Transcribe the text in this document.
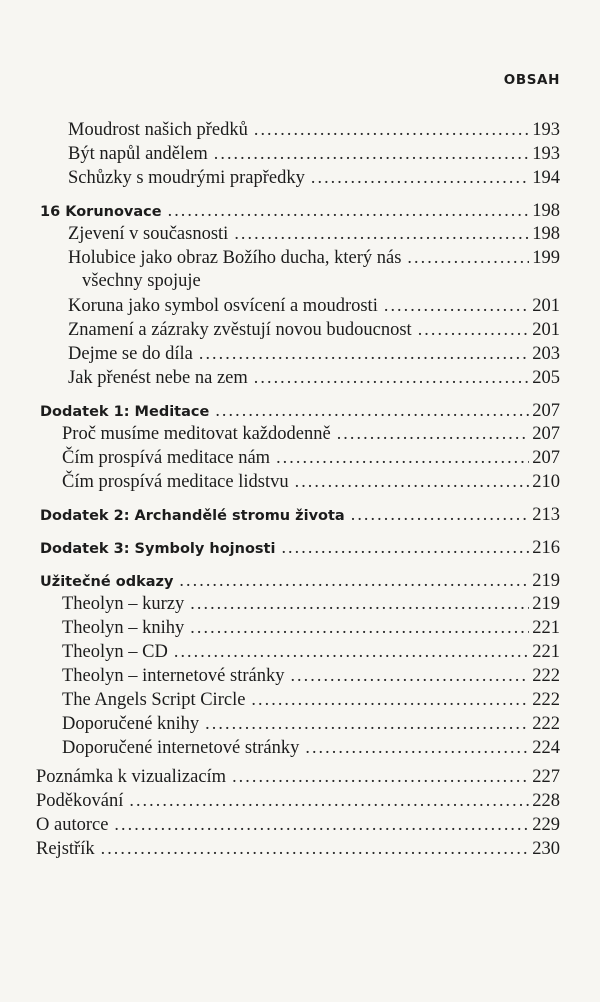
OBSAH
Moudrost našich předků . . .	193
Být napůl andělem . . .	193
Schůzky s moudrými prapředky . . .	194
16 Korunovace . . .	198
Zjevení v současnosti . . .	198
Holubice jako obraz Božího ducha, který nás . . .	199
všechny spojuje
Koruna jako symbol osvícení a moudrosti . . .	201
Znamení a zázraky zvěstují novou budoucnost . . .	201
Dejme se do díla . . .	203
Jak přenést nebe na zem . . .	205
Dodatek 1: Meditace . . .	207
Proč musíme meditovat každodenně . . .	207
Čím prospívá meditace nám . . .	207
Čím prospívá meditace lidstvu . . .	210
Dodatek 2: Archandělé stromu života . . .	213
Dodatek 3: Symboly hojnosti . . .	216
Užitečné odkazy . . .	219
Theolyn – kurzy . . .	219
Theolyn – knihy . . .	221
Theolyn – CD . . .	221
Theolyn – internetové stránky . . .	222
The Angels Script Circle . . .	222
Doporučené knihy . . .	222
Doporučené internetové stránky . . .	224
Poznámka k vizualizacím . . .	227
Poděkování . . .	228
O autorce . . .	229
Rejstřík . . .	230
